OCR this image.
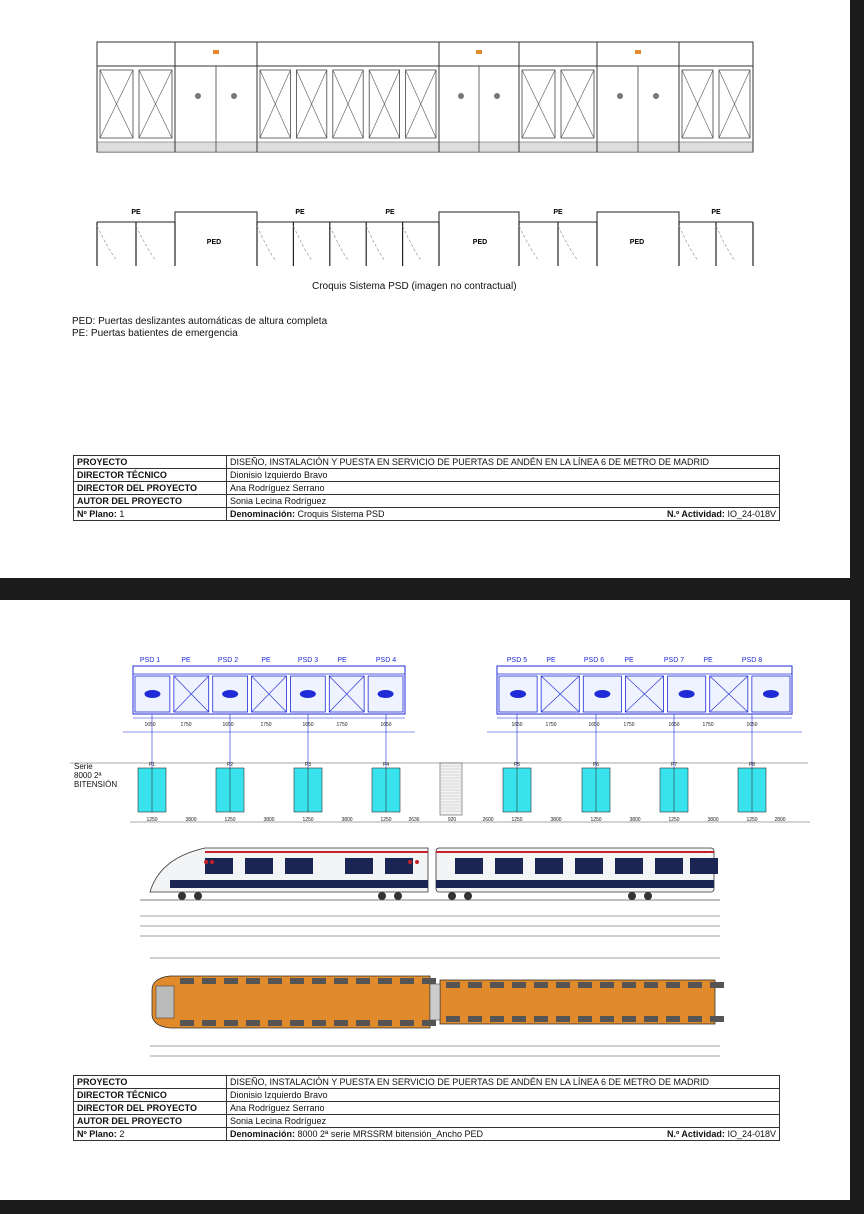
PE
PED
PE	PE
PED
PE
PED
PE
Croquis Sistema PSD (imagen no contractual)
PED: Puertas deslizantes automáticas de altura completa
PE: Puertas batientes de emergencia
PROYECTO	DISEÑO, INSTALACIÓN Y PUESTA EN SERVICIO DE PUERTAS DE ANDÉN EN LA LÍNEA 6 DE METRO DE MADRID
DIRECTOR TÉCNICO	Dionisio Izquierdo Bravo
DIRECTOR DEL PROYECTO	Ana Rodríguez Serrano
AUTOR DEL PROYECTO	Sonia Lecina Rodríguez
Nº Plano: 1	Denominación: Croquis Sistema PSD N.º Actividad: IO_24-018V
PSD 1	PE	PSD 2	PE	PSD 3	PE	PSD 4	PSD 5	PE	PSD 6	PE	PSD 7	PE	PSD 8
P1	P2	P3	P4	P5	P6	P7	P8
1650	1750	1650	1750	1650	1750	1650	1650	1750	1650	1750	1650	1750	1650
1250	3800	1250	3800	1250	3800	1250	2636	920	2600	1250	3800	1250	3800	1250	3800	1250	2800
Serie
8000 2ª
BITENSIÓN
PROYECTO	DISEÑO, INSTALACIÓN Y PUESTA EN SERVICIO DE PUERTAS DE ANDÉN EN LA LÍNEA 6 DE METRO DE MADRID
DIRECTOR TÉCNICO	Dionisio Izquierdo Bravo
DIRECTOR DEL PROYECTO	Ana Rodríguez Serrano
AUTOR DEL PROYECTO	Sonia Lecina Rodríguez
Nº Plano: 2	Denominación: 8000 2ª serie MRSSRM bitensión_Ancho PED N.º Actividad: IO_24-018V
